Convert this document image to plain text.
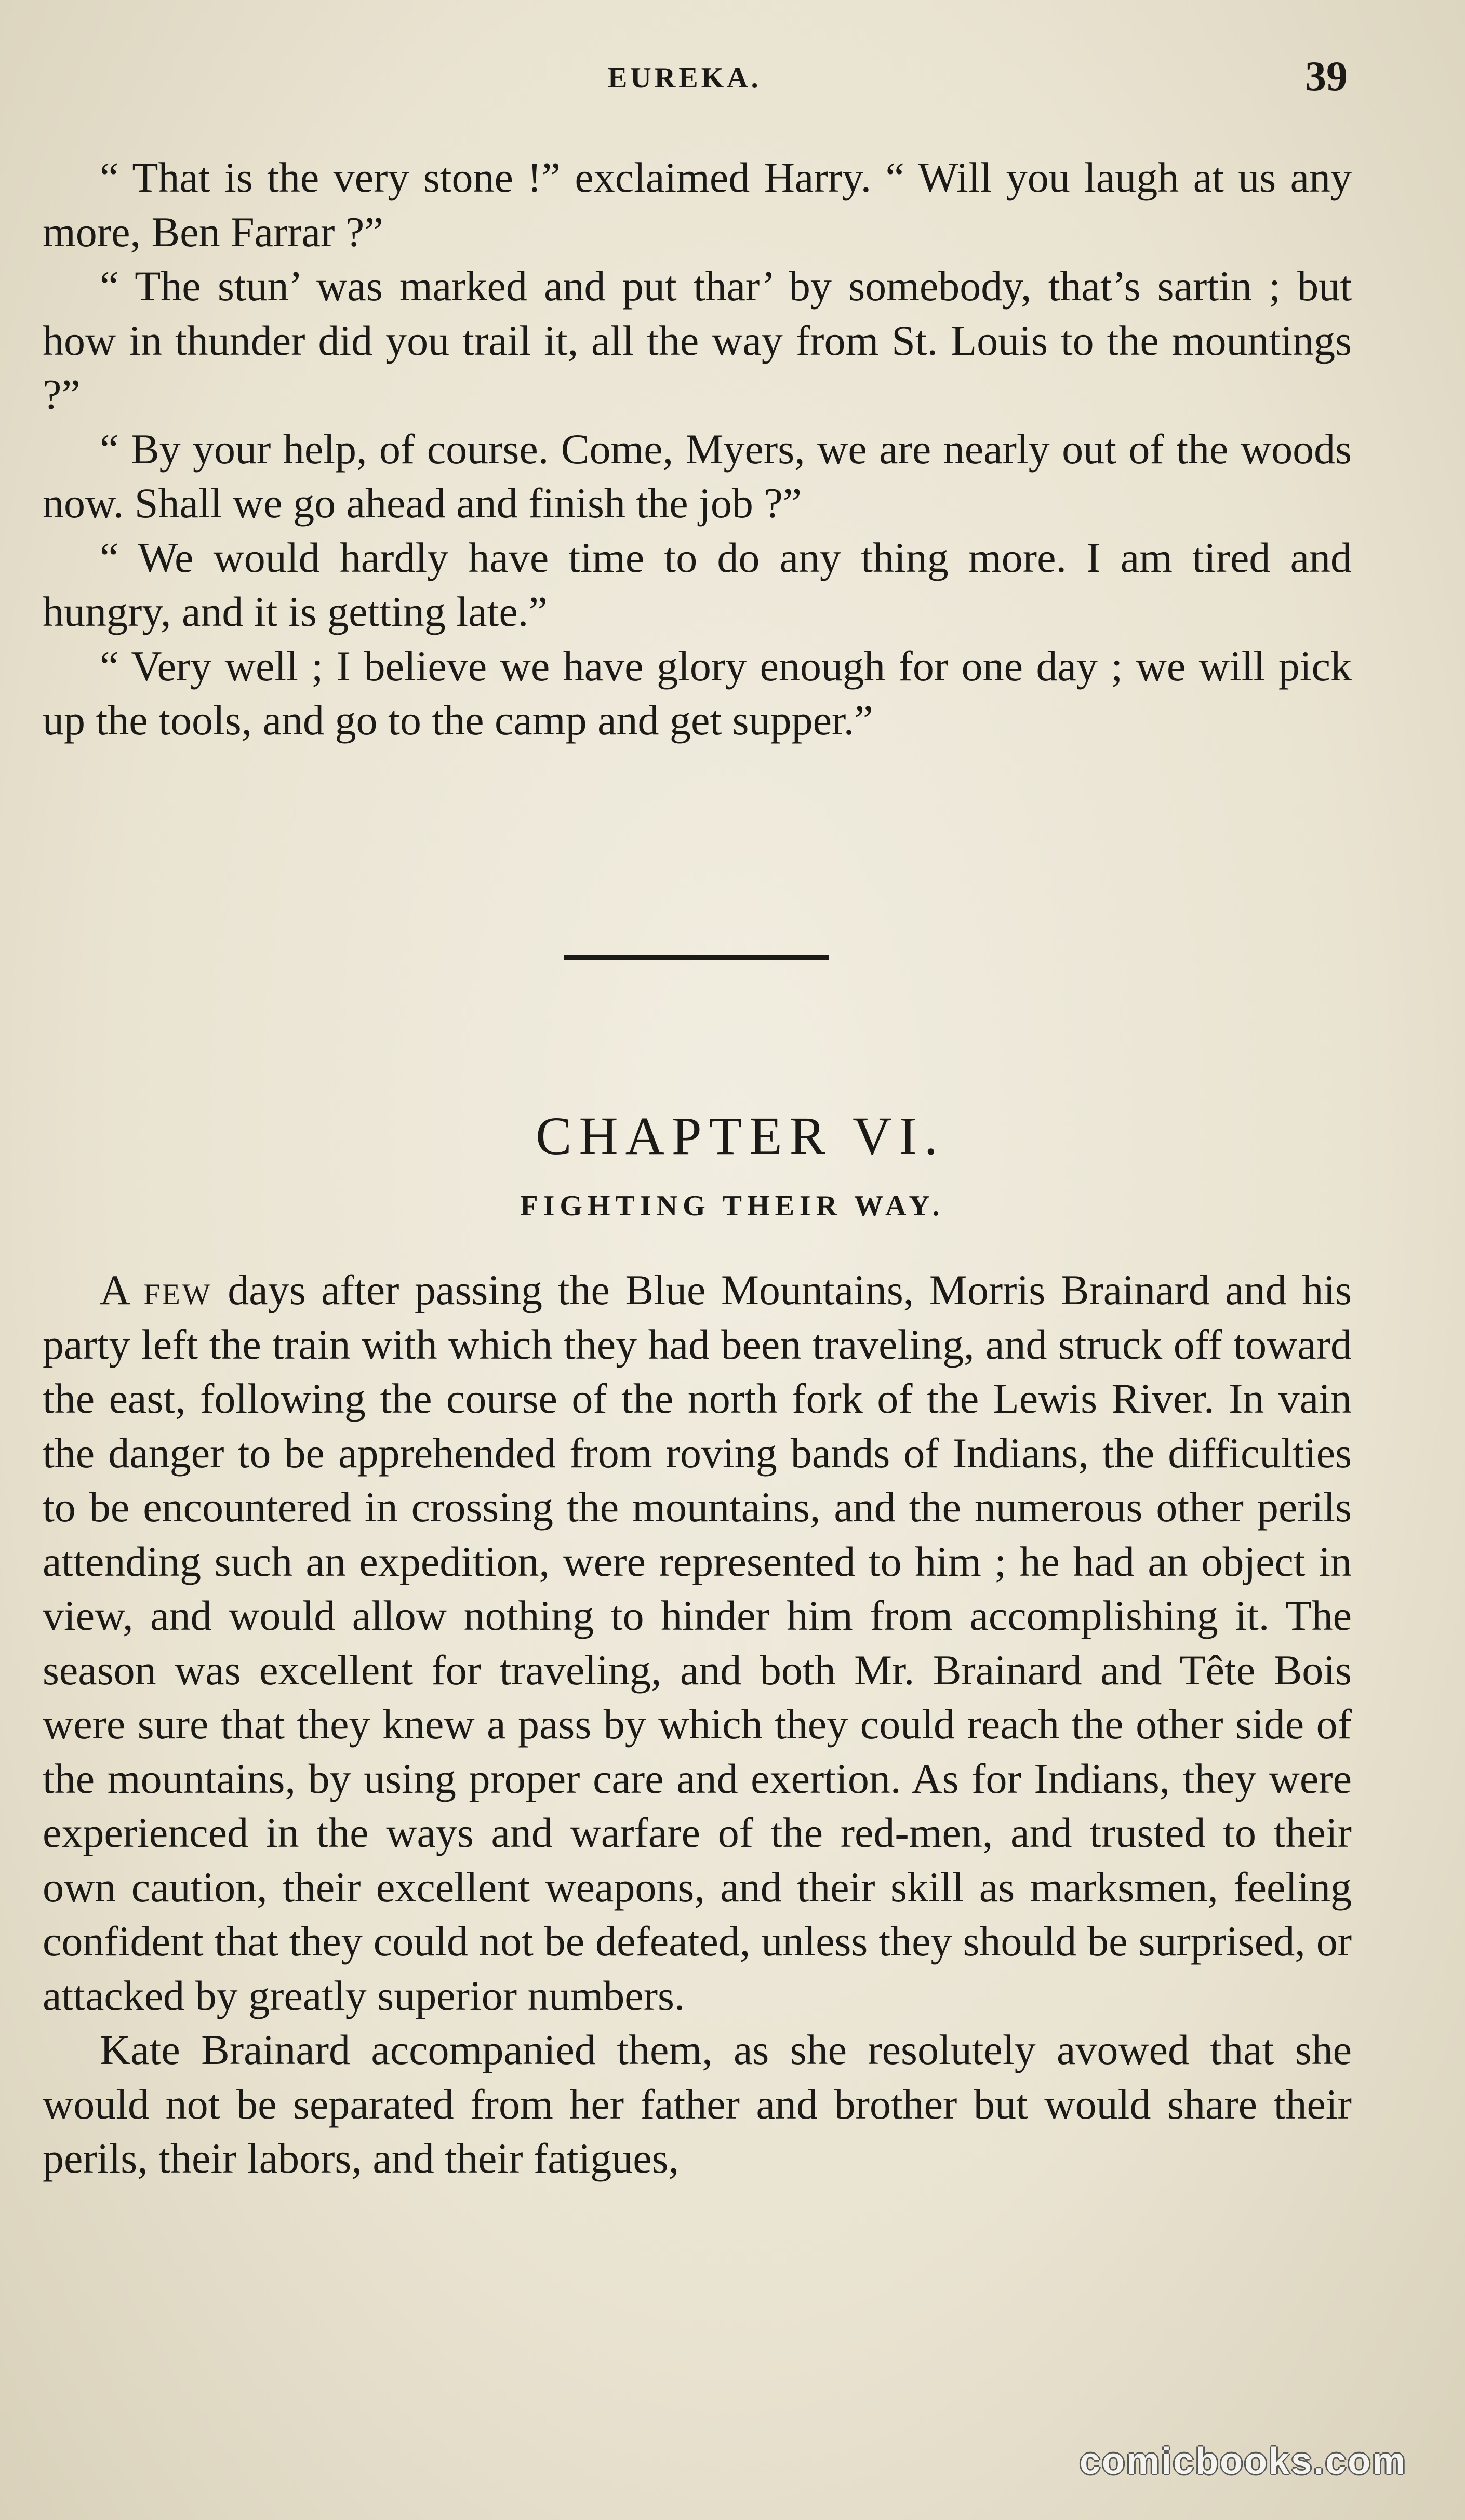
EUREKA.	39

“ That is the very stone !” exclaimed Harry. “ Will you laugh at us any more, Ben Farrar ?”

“ The stun’ was marked and put thar’ by somebody, that’s sartin ; but how in thunder did you trail it, all the way from St. Louis to the mountings ?”

“ By your help, of course. Come, Myers, we are nearly out of the woods now. Shall we go ahead and finish the job ?”

“ We would hardly have time to do any thing more. I am tired and hungry, and it is getting late.”

“ Very well ; I believe we have glory enough for one day ; we will pick up the tools, and go to the camp and get supper.”

CHAPTER VI.
FIGHTING THEIR WAY.

A few days after passing the Blue Mountains, Morris Brainard and his party left the train with which they had been traveling, and struck off toward the east, following the course of the north fork of the Lewis River. In vain the danger to be apprehended from roving bands of Indians, the difficulties to be encountered in crossing the mountains, and the numerous other perils attending such an expedition, were represented to him ; he had an object in view, and would allow nothing to hinder him from accomplishing it. The season was excellent for traveling, and both Mr. Brainard and Tête Bois were sure that they knew a pass by which they could reach the other side of the mountains, by using proper care and exertion. As for Indians, they were experienced in the ways and warfare of the red-men, and trusted to their own caution, their excellent weapons, and their skill as marksmen, feeling confident that they could not be defeated, unless they should be surprised, or attacked by greatly superior numbers.

Kate Brainard accompanied them, as she resolutely avowed that she would not be separated from her father and brother but would share their perils, their labors, and their fatigues,

comicbooks.com
